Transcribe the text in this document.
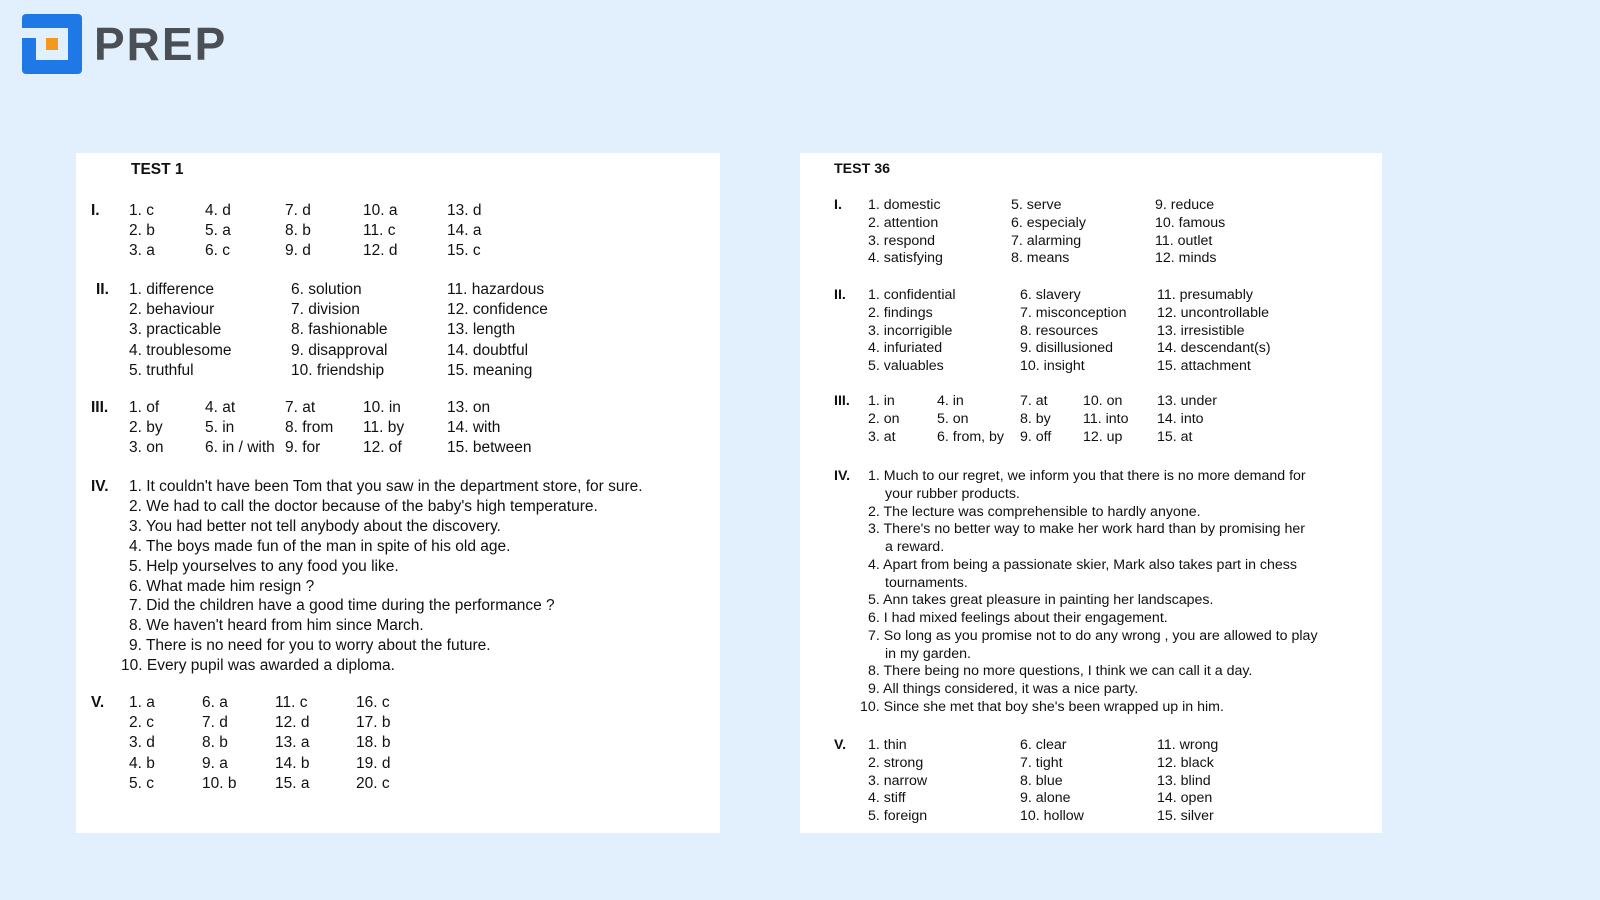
PREP
TEST 1
I. 1. c
2. b
3. a
4. d
5. a
6. c
7. d
8. b
9. d
10. a
11. c
12. d
13. d
14. a
15. c
II. 1. difference
2. behaviour
3. practicable
4. troublesome
5. truthful
6. solution
7. division
8. fashionable
9. disapproval
10. friendship
11. hazardous
12. confidence
13. length
14. doubtful
15. meaning
III. 1. of
2. by
3. on
4. at
5. in
6. in / with
7. at
8. from
9. for
10. in
11. by
12. of
13. on
14. with
15. between
IV. 1. It couldn't have been Tom that you saw in the department store, for sure.
2. We had to call the doctor because of the baby's high temperature.
3. You had better not tell anybody about the discovery.
4. The boys made fun of the man in spite of his old age.
5. Help yourselves to any food you like.
6. What made him resign ?
7. Did the children have a good time during the performance ?
8. We haven't heard from him since March.
9. There is no need for you to worry about the future.
10. Every pupil was awarded a diploma.
V. 1. a
2. c
3. d
4. b
5. c
6. a
7. d
8. b
9. a
10. b
11. c
12. d
13. a
14. b
15. a
16. c
17. b
18. b
19. d
20. c
TEST 36
I. 1. domestic
2. attention
3. respond
4. satisfying
5. serve
6. especialy
7. alarming
8. means
9. reduce
10. famous
11. outlet
12. minds
II. 1. confidential
2. findings
3. incorrigible
4. infuriated
5. valuables
6. slavery
7. misconception
8. resources
9. disillusioned
10. insight
11. presumably
12. uncontrollable
13. irresistible
14. descendant(s)
15. attachment
III. 1. in
2. on
3. at
4. in
5. on
6. from, by
7. at
8. by
9. off
10. on
11. into
12. up
13. under
14. into
15. at
IV. 1. Much to our regret, we inform you that there is no more demand for
your rubber products.
2. The lecture was comprehensible to hardly anyone.
3. There's no better way to make her work hard than by promising her
a reward.
4. Apart from being a passionate skier, Mark also takes part in chess
tournaments.
5. Ann takes great pleasure in painting her landscapes.
6. I had mixed feelings about their engagement.
7. So long as you promise not to do any wrong , you are allowed to play
in my garden.
8. There being no more questions, I think we can call it a day.
9. All things considered, it was a nice party.
10. Since she met that boy she's been wrapped up in him.
V. 1. thin
2. strong
3. narrow
4. stiff
5. foreign
6. clear
7. tight
8. blue
9. alone
10. hollow
11. wrong
12. black
13. blind
14. open
15. silver
